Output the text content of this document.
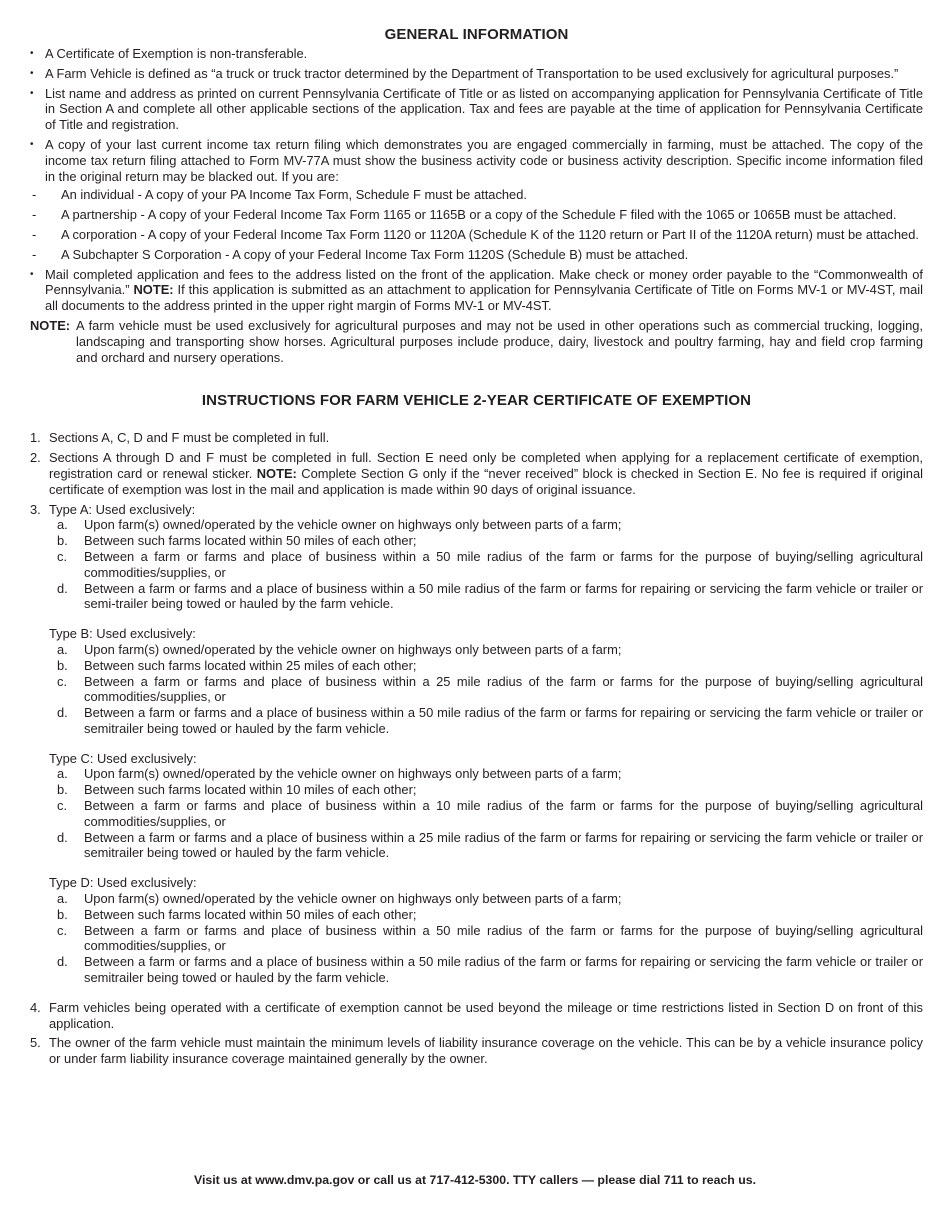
GENERAL INFORMATION
• A Certificate of Exemption is non-transferable.
• A Farm Vehicle is defined as “a truck or truck tractor determined by the Department of Transportation to be used exclusively for agricultural purposes.”
• List name and address as printed on current Pennsylvania Certificate of Title or as listed on accompanying application for Pennsylvania Certificate of Title in Section A and complete all other applicable sections of the application. Tax and fees are payable at the time of application for Pennsylvania Certificate of Title and registration.
• A copy of your last current income tax return filing which demonstrates you are engaged commercially in farming, must be attached. The copy of the income tax return filing attached to Form MV-77A must show the business activity code or business activity description. Specific income information filed in the original return may be blacked out. If you are:
- An individual - A copy of your PA Income Tax Form, Schedule F must be attached.
- A partnership - A copy of your Federal Income Tax Form 1165 or 1165B or a copy of the Schedule F filed with the 1065 or 1065B must be attached.
- A corporation - A copy of your Federal Income Tax Form 1120 or 1120A (Schedule K of the 1120 return or Part II of the 1120A return) must be attached.
- A Subchapter S Corporation - A copy of your Federal Income Tax Form 1120S (Schedule B) must be attached.
• Mail completed application and fees to the address listed on the front of the application. Make check or money order payable to the “Commonwealth of Pennsylvania.” NOTE: If this application is submitted as an attachment to application for Pennsylvania Certificate of Title on Forms MV-1 or MV-4ST, mail all documents to the address printed in the upper right margin of Forms MV-1 or MV-4ST.
NOTE: A farm vehicle must be used exclusively for agricultural purposes and may not be used in other operations such as commercial trucking, logging, landscaping and transporting show horses. Agricultural purposes include produce, dairy, livestock and poultry farming, hay and field crop farming and orchard and nursery operations.
INSTRUCTIONS FOR FARM VEHICLE 2-YEAR CERTIFICATE OF EXEMPTION
1. Sections A, C, D and F must be completed in full.
2. Sections A through D and F must be completed in full. Section E need only be completed when applying for a replacement certificate of exemption, registration card or renewal sticker. NOTE: Complete Section G only if the “never received” block is checked in Section E. No fee is required if original certificate of exemption was lost in the mail and application is made within 90 days of original issuance.
3. Type A: Used exclusively:
a. Upon farm(s) owned/operated by the vehicle owner on highways only between parts of a farm;
b. Between such farms located within 50 miles of each other;
c. Between a farm or farms and place of business within a 50 mile radius of the farm or farms for the purpose of buying/selling agricultural commodities/supplies, or
d. Between a farm or farms and a place of business within a 50 mile radius of the farm or farms for repairing or servicing the farm vehicle or trailer or semi-trailer being towed or hauled by the farm vehicle.
Type B: Used exclusively:
a. Upon farm(s) owned/operated by the vehicle owner on highways only between parts of a farm;
b. Between such farms located within 25 miles of each other;
c. Between a farm or farms and place of business within a 25 mile radius of the farm or farms for the purpose of buying/selling agricultural commodities/supplies, or
d. Between a farm or farms and a place of business within a 50 mile radius of the farm or farms for repairing or servicing the farm vehicle or trailer or semitrailer being towed or hauled by the farm vehicle.
Type C: Used exclusively:
a. Upon farm(s) owned/operated by the vehicle owner on highways only between parts of a farm;
b. Between such farms located within 10 miles of each other;
c. Between a farm or farms and place of business within a 10 mile radius of the farm or farms for the purpose of buying/selling agricultural commodities/supplies, or
d. Between a farm or farms and a place of business within a 25 mile radius of the farm or farms for repairing or servicing the farm vehicle or trailer or semitrailer being towed or hauled by the farm vehicle.
Type D: Used exclusively:
a. Upon farm(s) owned/operated by the vehicle owner on highways only between parts of a farm;
b. Between such farms located within 50 miles of each other;
c. Between a farm or farms and place of business within a 50 mile radius of the farm or farms for the purpose of buying/selling agricultural commodities/supplies, or
d. Between a farm or farms and a place of business within a 50 mile radius of the farm or farms for repairing or servicing the farm vehicle or trailer or semitrailer being towed or hauled by the farm vehicle.
4. Farm vehicles being operated with a certificate of exemption cannot be used beyond the mileage or time restrictions listed in Section D on front of this application.
5. The owner of the farm vehicle must maintain the minimum levels of liability insurance coverage on the vehicle. This can be by a vehicle insurance policy or under farm liability insurance coverage maintained generally by the owner.
Visit us at www.dmv.pa.gov or call us at 717-412-5300. TTY callers — please dial 711 to reach us.
